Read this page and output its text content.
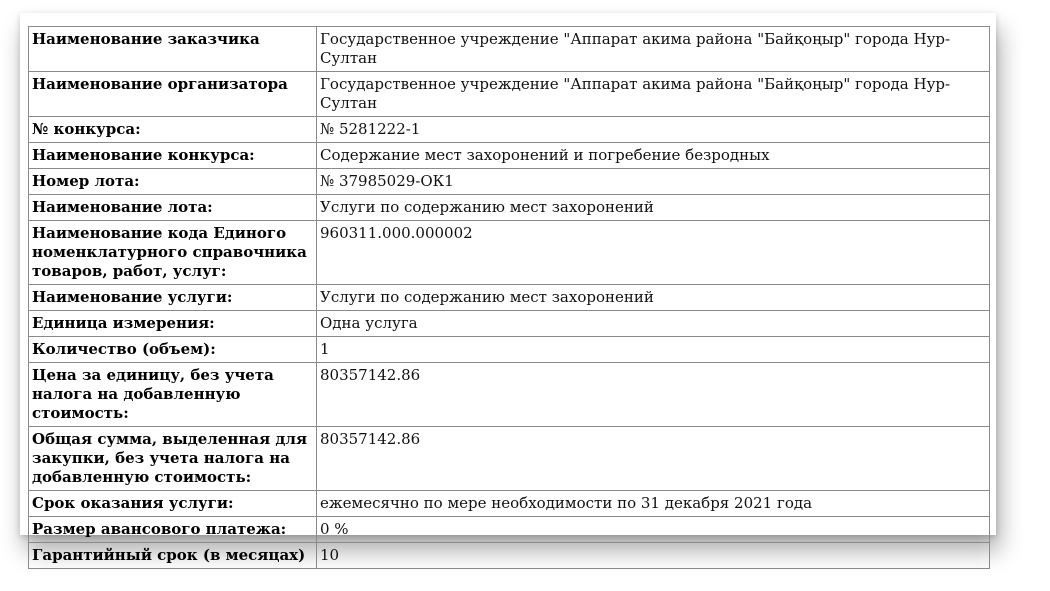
Наименование заказчика	Государственное учреждение "Аппарат акима района "Байқоңыр" города Нур-Султан
Наименование организатора	Государственное учреждение "Аппарат акима района "Байқоңыр" города Нур-Султан
№ конкурса:	№ 5281222-1
Наименование конкурса:	Содержание мест захоронений и погребение безродных
Номер лота:	№ 37985029-ОК1
Наименование лота:	Услуги по содержанию мест захоронений
Наименование кода Единого номенклатурного справочника товаров, работ, услуг:	960311.000.000002
Наименование услуги:	Услуги по содержанию мест захоронений
Единица измерения:	Одна услуга
Количество (объем):	1
Цена за единицу, без учета налога на добавленную стоимость:	80357142.86
Общая сумма, выделенная для закупки, без учета налога на добавленную стоимость:	80357142.86
Срок оказания услуги:	ежемесячно по мере необходимости по 31 декабря 2021 года
Размер авансового платежа:	0 %
Гарантийный срок (в месяцах)	10
